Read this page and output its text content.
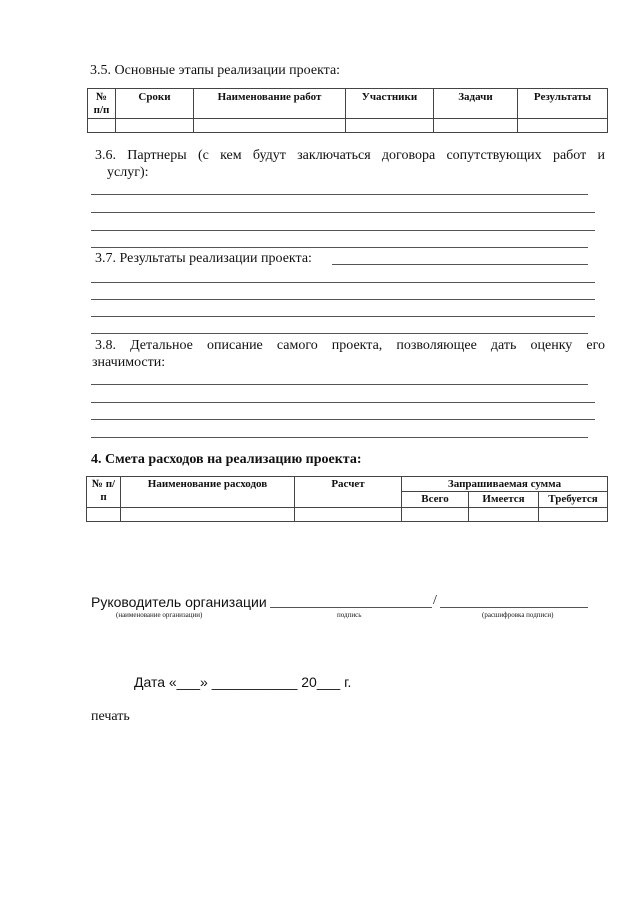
3.5. Основные этапы реализации проекта:
№ п/п	Сроки	Наименование работ	Участники	Задачи	Результаты

3.6. Партнеры (с кем будут заключаться договора сопутствующих работ и
услуг):
3.7. Результаты реализации проекта:
3.8. Детальное описание самого проекта, позволяющее дать оценку его
значимости:
4. Смета расходов на реализацию проекта:
№ п/п	Наименование расходов	Расчет	Запрашиваемая сумма		
			Всего	Имеется	Требуется

Руководитель организации	/
(наименование организации)	подпись	(расшифровка подписи)
Дата «___» ___________ 20___ г.
печать
